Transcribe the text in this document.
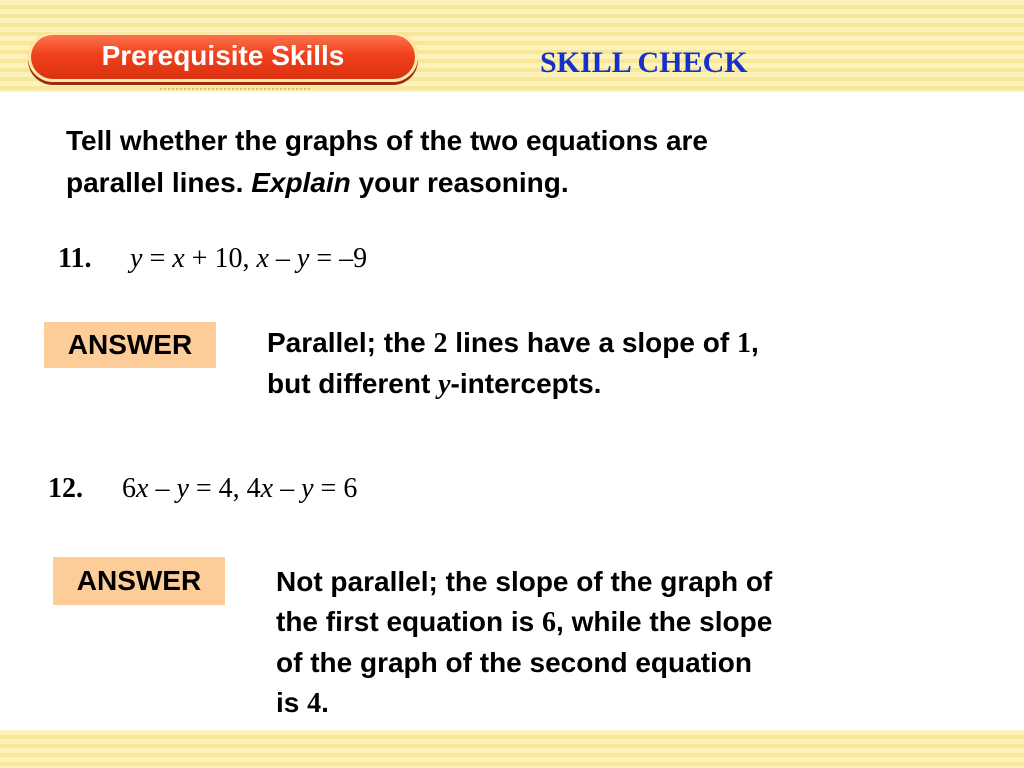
Prerequisite Skills	SKILL CHECK
Tell whether the graphs of the two equations are
parallel lines. Explain your reasoning.
11. y = x + 10, x – y = –9
ANSWER	Parallel; the 2 lines have a slope of 1,
but different y-intercepts.
12. 6x – y = 4, 4x – y = 6
ANSWER	Not parallel; the slope of the graph of
the first equation is 6, while the slope
of the graph of the second equation
is 4.
